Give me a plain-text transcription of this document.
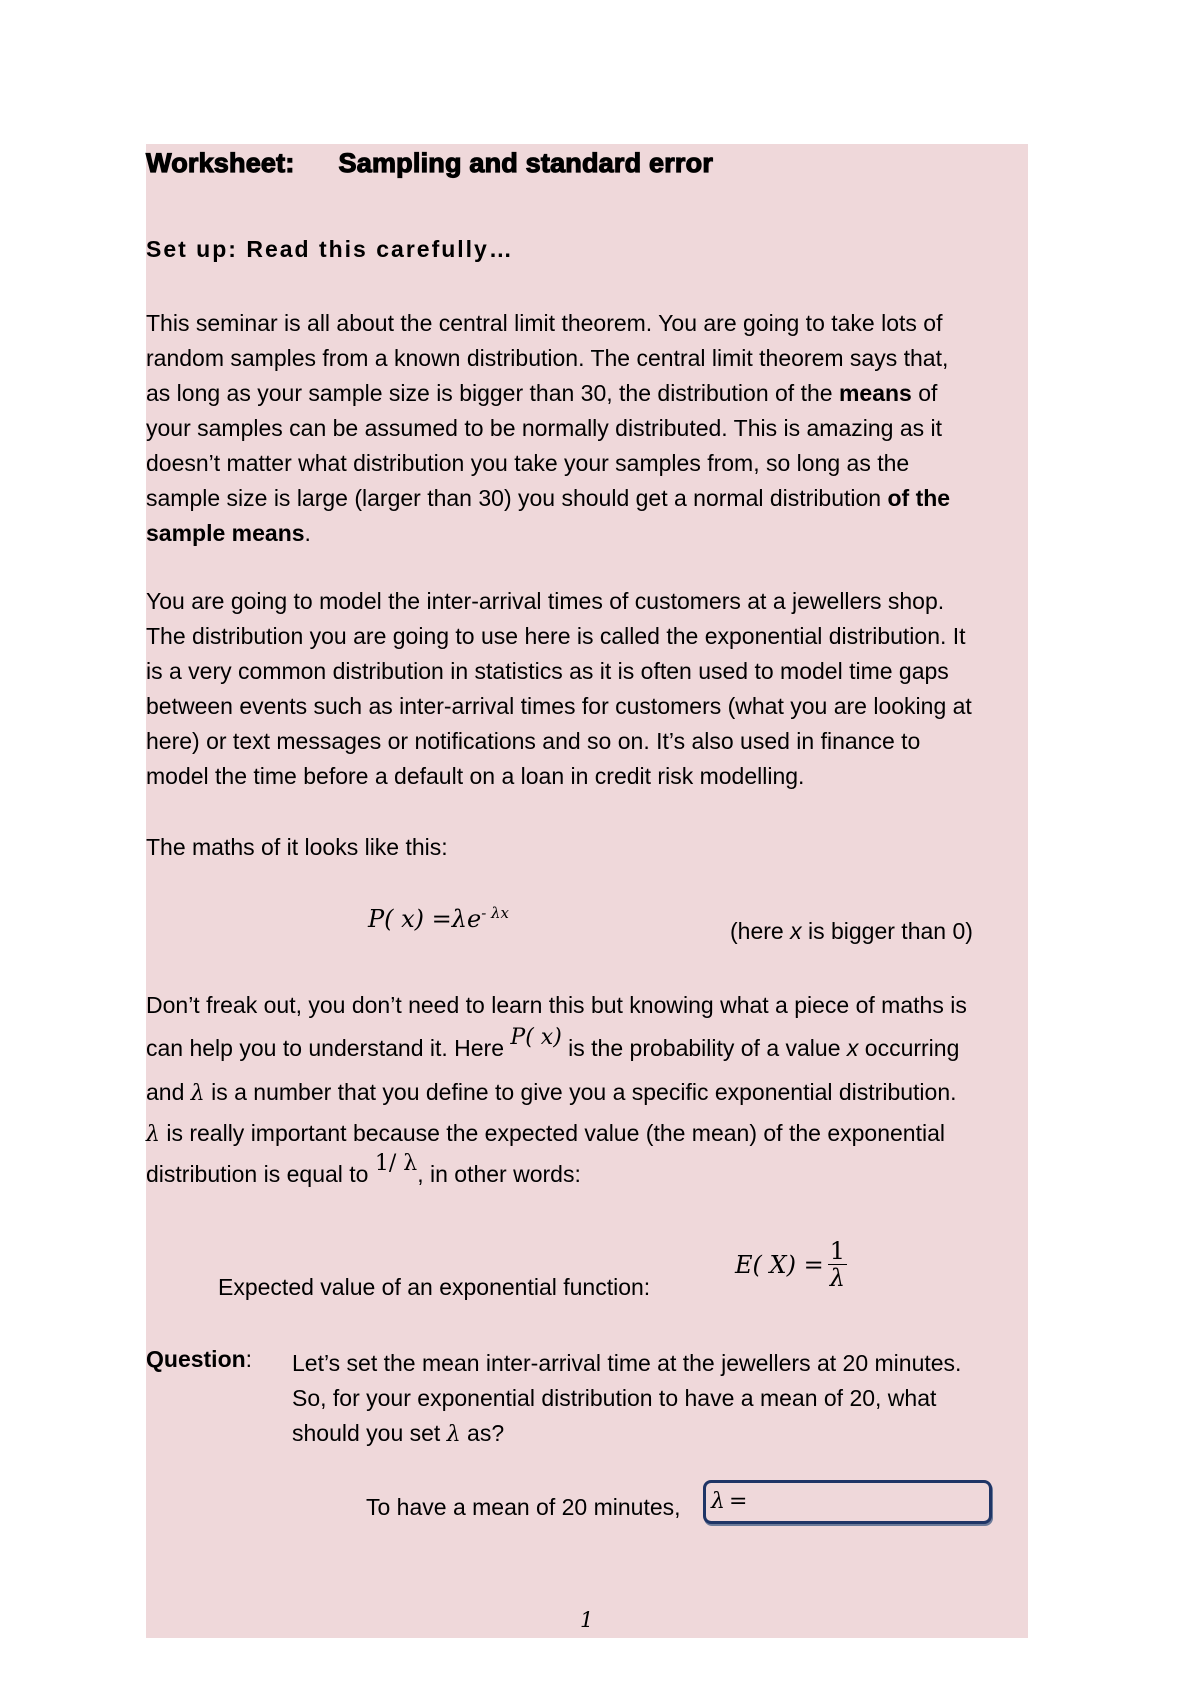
Worksheet: Sampling and standard error
Set up: Read this carefully…
This seminar is all about the central limit theorem. You are going to take lots of
random samples from a known distribution. The central limit theorem says that,
as long as your sample size is bigger than 30, the distribution of the means of
your samples can be assumed to be normally distributed. This is amazing as it
doesn’t matter what distribution you take your samples from, so long as the
sample size is large (larger than 30) you should get a normal distribution of the
sample means.
You are going to model the inter-arrival times of customers at a jewellers shop.
The distribution you are going to use here is called the exponential distribution. It
is a very common distribution in statistics as it is often used to model time gaps
between events such as inter-arrival times for customers (what you are looking at
here) or text messages or notifications and so on. It’s also used in finance to
model the time before a default on a loan in credit risk modelling.
The maths of it looks like this:
P( $x) =\lambda e^{- \lambda x}$
(here x is bigger than 0)
Don’t freak out, you don’t need to learn this but knowing what a piece of maths is
can help you to understand it. Here P( x) is the probability of a value x occurring
and λ is a number that you define to give you a specific exponential distribution.
λ is really important because the expected value (the mean) of the exponential
distribution is equal to 1/ λ, in other words:
Expected value of an exponential function:
E( $X) = \frac{1}{\lambda}$
Question: Let’s set the mean inter-arrival time at the jewellers at 20 minutes.
So, for your exponential distribution to have a mean of 20, what
should you set λ as?
To have a mean of 20 minutes, λ =
1
